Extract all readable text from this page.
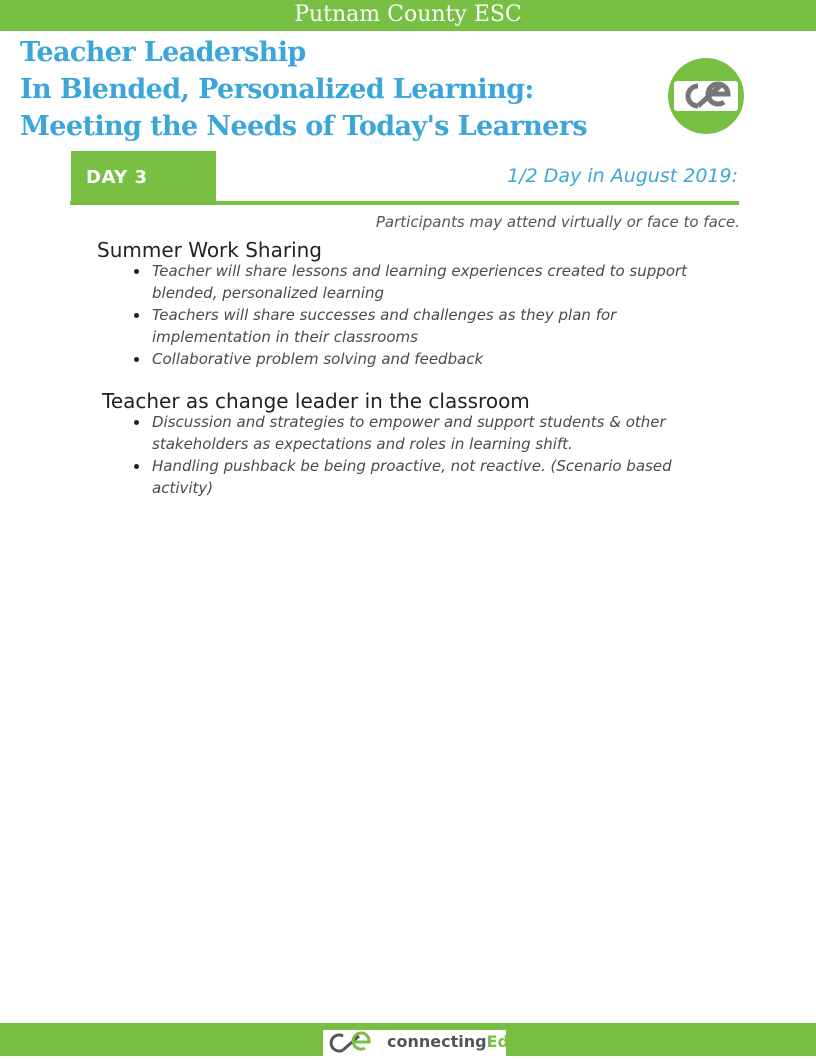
Putnam County ESC
Teacher Leadership
In Blended, Personalized Learning:
Meeting the Needs of Today's Learners
DAY 3	1/2 Day in August 2019:
Participants may attend virtually or face to face.
Summer Work Sharing
Teacher will share lessons and learning experiences created to support blended, personalized learning
Teachers will share successes and challenges as they plan for implementation in their classrooms
Collaborative problem solving and feedback
Teacher as change leader in the classroom
Discussion and strategies to empower and support students & other stakeholders as expectations and roles in learning shift.
Handling pushback be being proactive, not reactive. (Scenario based activity)
connectingEd
